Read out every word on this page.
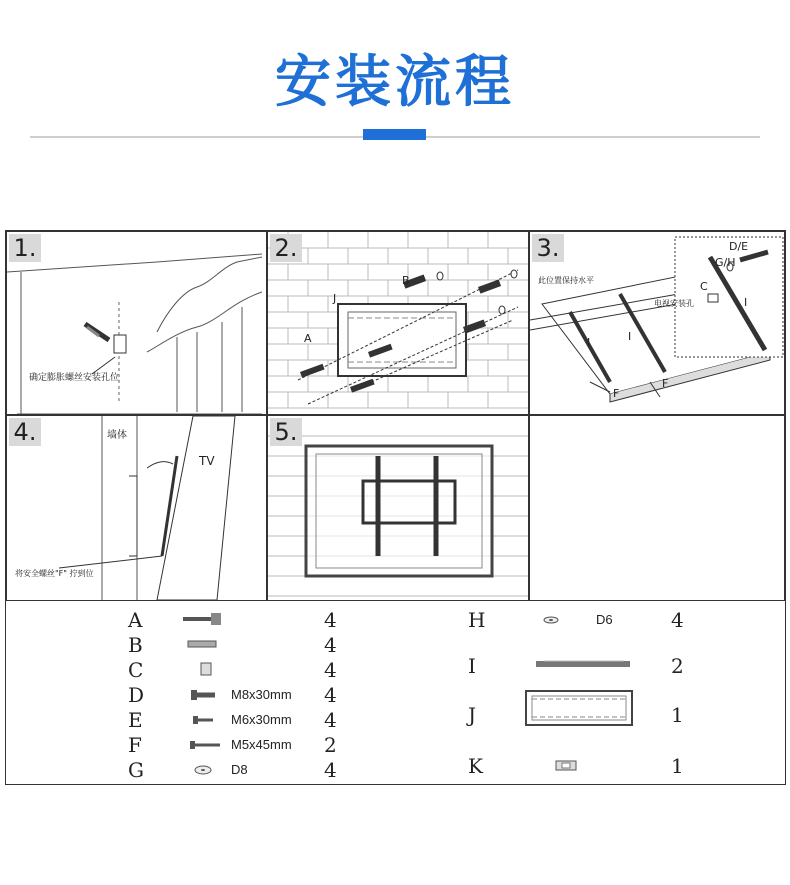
安装流程
确定膨胀螺丝安装孔位
1.
B
J
A
2.	D/E
G/H
C
I
I	I
F
F
此位置保持水平
电视安装孔
3.
墙体
TV
将安全螺丝"F" 拧到位
4.	5.
A	4
B	4
C	4
D	M8x30mm 4
E	M6x30mm 4
F	M5x45mm 2
G	D8	4
H	D6	4
I	2
J	1
K	1
